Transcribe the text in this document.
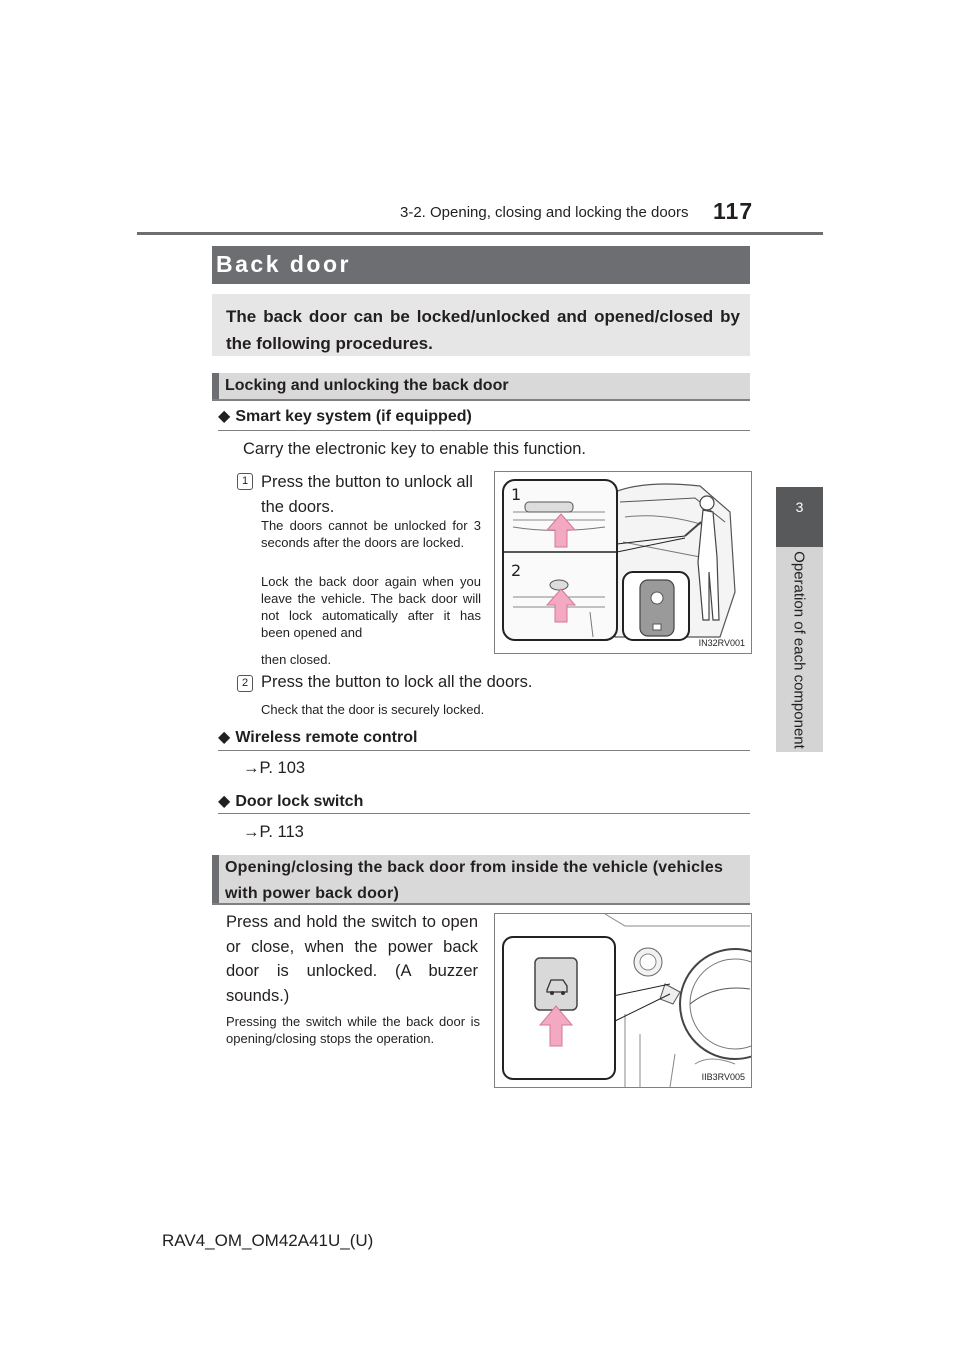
3-2. Opening, closing and locking the doors 117
3
Operation of each component
Back door
The back door can be locked/unlocked and opened/closed by the following procedures.
Locking and unlocking the back door
◆ Smart key system (if equipped)
Carry the electronic key to enable this function.
1 Press the button to unlock all
the doors.
The doors cannot be unlocked for 3 seconds after the doors are locked.
Lock the back door again when you leave the vehicle. The back door will not lock automatically after it has been opened and
then closed.
1
2
IN32RV001
2 Press the button to lock all the doors.
Check that the door is securely locked.
◆ Wireless remote control
→P. 103
◆ Door lock switch
→P. 113
Opening/closing the back door from inside the vehicle (vehicles
with power back door)
Press and hold the switch to open or close, when the power back door is unlocked. (A buzzer sounds.)
Pressing the switch while the back door is opening/closing stops the operation.
IIB3RV005
RAV4_OM_OM42A41U_(U)
